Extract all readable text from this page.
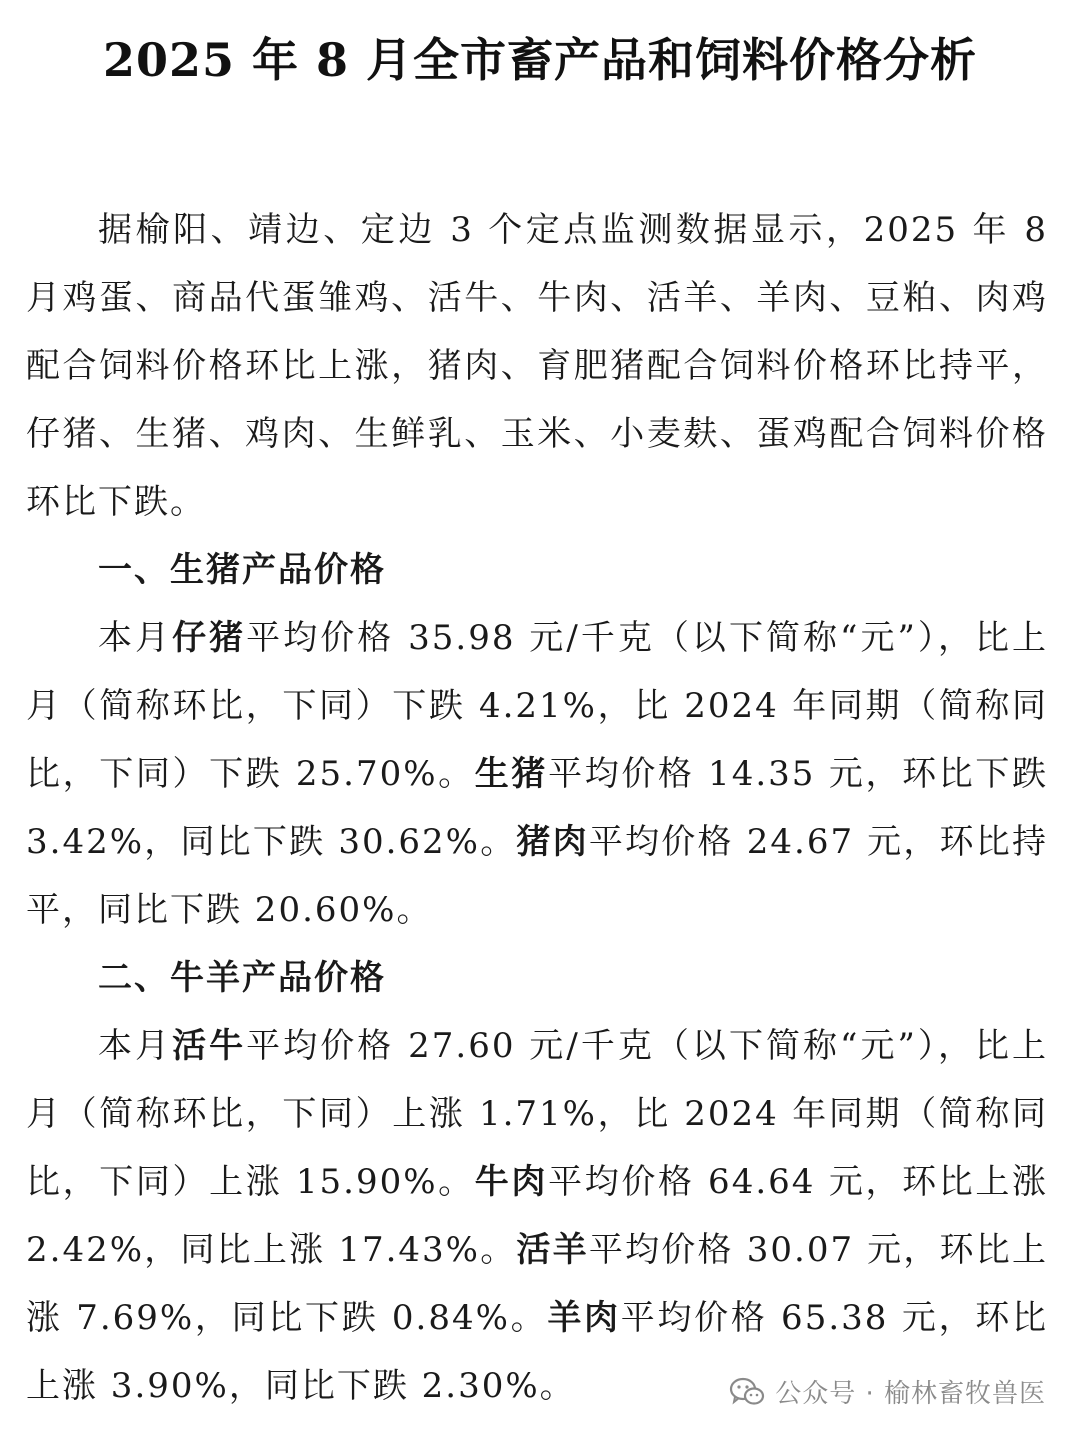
2025 年 8 月全市畜产品和饲料价格分析

据榆阳、靖边、定边 3 个定点监测数据显示，2025 年 8 月鸡蛋、商品代蛋雏鸡、活牛、牛肉、活羊、羊肉、豆粕、肉鸡配合饲料价格环比上涨，猪肉、育肥猪配合饲料价格环比持平，仔猪、生猪、鸡肉、生鲜乳、玉米、小麦麸、蛋鸡配合饲料价格环比下跌。

一、生猪产品价格

本月仔猪平均价格 35.98 元/千克（以下简称“元”），比上月（简称环比，下同）下跌 4.21%，比 2024 年同期（简称同比，下同）下跌 25.70%。生猪平均价格 14.35 元，环比下跌 3.42%，同比下跌 30.62%。猪肉平均价格 24.67 元，环比持平，同比下跌 20.60%。

二、牛羊产品价格

本月活牛平均价格 27.60 元/千克（以下简称“元”），比上月（简称环比，下同）上涨 1.71%，比 2024 年同期（简称同比，下同）上涨 15.90%。牛肉平均价格 64.64 元，环比上涨 2.42%，同比上涨 17.43%。活羊平均价格 30.07 元，环比上涨 7.69%，同比下跌 0.84%。羊肉平均价格 65.38 元，环比上涨 3.90%，同比下跌 2.30%。	公众号 · 榆林畜牧兽医
